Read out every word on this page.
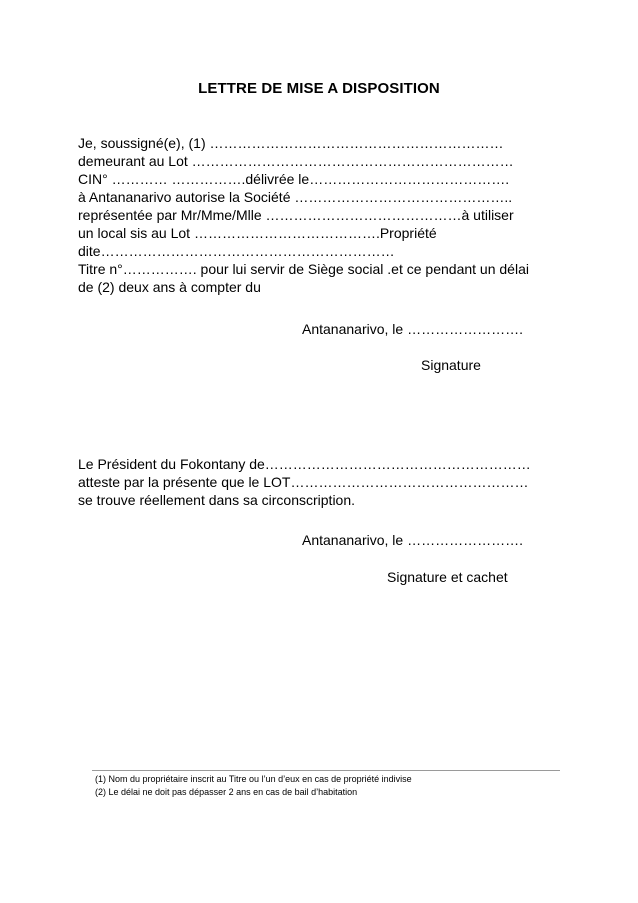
LETTRE DE MISE A DISPOSITION
Je, soussigné(e), (1) ………………………………………………………
demeurant au Lot ……………………………………………………………
CIN° ………… …………….délivrée le…………………………………….
à Antananarivo autorise la Société ………………………………………..
représentée par Mr/Mme/Mlle ……………………………………à utiliser
un local sis au Lot ………………………………….Propriété
dite………………………………………………………
Titre n°……………. pour lui servir de Siège social .et ce pendant un délai
de (2) deux ans à compter du
Antananarivo, le …………………….
Signature
Le Président du Fokontany de…………………………………………………
atteste par la présente que le LOT……………………………………………
se trouve réellement dans sa circonscription.
Antananarivo, le …………………….
Signature et cachet
(1) Nom du propriétaire inscrit au Titre ou l’un d’eux en cas de propriété indivise
(2) Le délai ne doit pas dépasser 2 ans en cas de bail d’habitation
